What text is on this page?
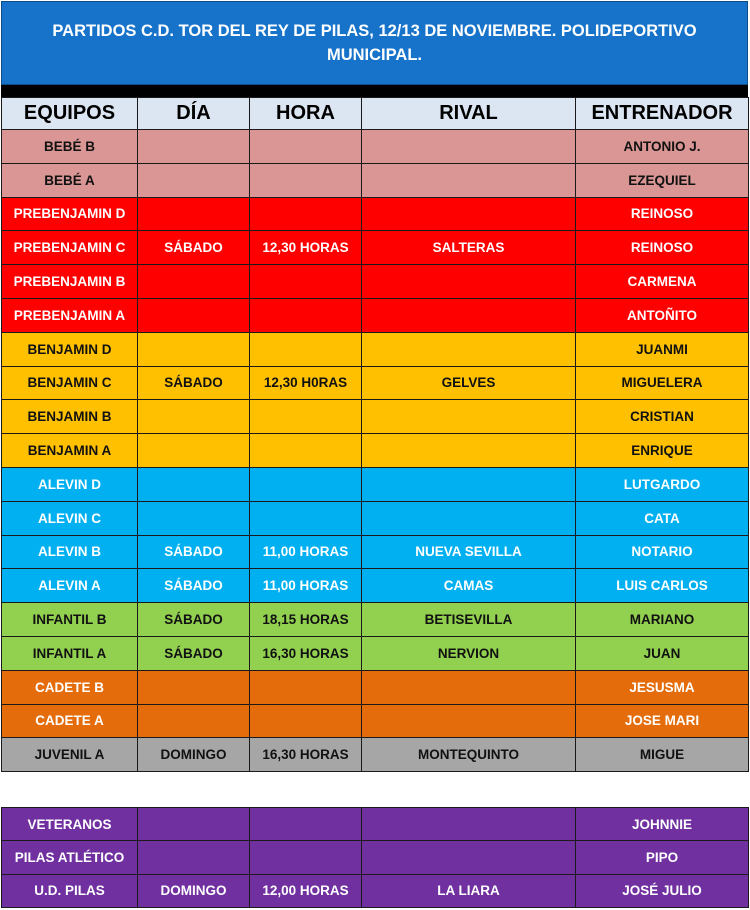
PARTIDOS C.D. TOR DEL REY DE PILAS, 12/13 DE NOVIEMBRE. POLIDEPORTIVO MUNICIPAL.
EQUIPOS	DÍA	HORA	RIVAL	ENTRENADOR
BEBÉ B				ANTONIO J.
BEBÉ A				EZEQUIEL
PREBENJAMIN D				REINOSO
PREBENJAMIN C	SÁBADO	12,30 HORAS	SALTERAS	REINOSO
PREBENJAMIN B				CARMENA
PREBENJAMIN A				ANTOÑITO
BENJAMIN D				JUANMI
BENJAMIN C	SÁBADO	12,30 H0RAS	GELVES	MIGUELERA
BENJAMIN B				CRISTIAN
BENJAMIN A				ENRIQUE
ALEVIN D				LUTGARDO
ALEVIN C				CATA
ALEVIN B	SÁBADO	11,00 HORAS	NUEVA SEVILLA	NOTARIO
ALEVIN A	SÁBADO	11,00 HORAS	CAMAS	LUIS CARLOS
INFANTIL B	SÁBADO	18,15 HORAS	BETISEVILLA	MARIANO
INFANTIL A	SÁBADO	16,30 HORAS	NERVION	JUAN
CADETE B				JESUSMA
CADETE A				JOSE MARI
JUVENIL A	DOMINGO	16,30 HORAS	MONTEQUINTO	MIGUE
VETERANOS				JOHNNIE
PILAS ATLÉTICO				PIPO
U.D. PILAS	DOMINGO	12,00 HORAS	LA LIARA	JOSÉ JULIO
